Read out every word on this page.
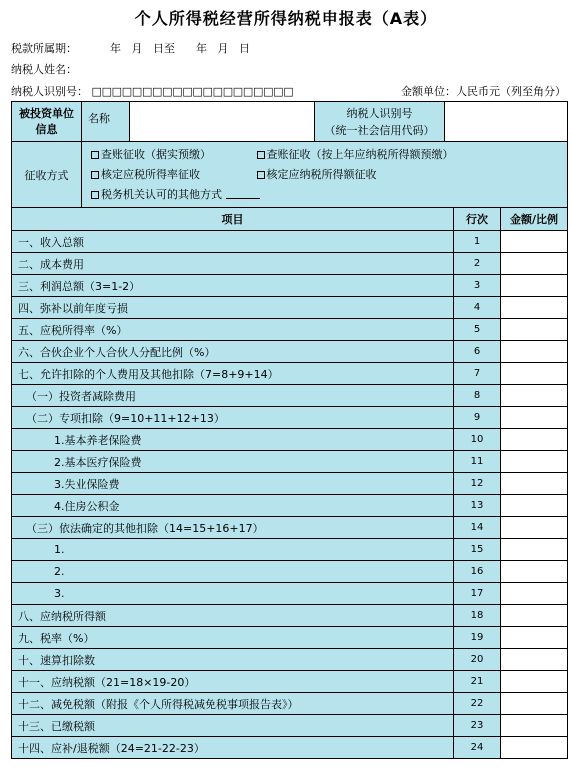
个人所得税经营所得纳税申报表（A表）
税款所属期：	年   月   日至      年   月   日
纳税人姓名：
纳税人识别号： □□□□□□□□□□□□□□□□□□□□	金额单位：人民币元（列至角分）
被投资单位信息
名称 纳税人识别号
（统一社会信用代码）		

征收方式
查账征收（据实预缴） 查账征收（按上年应纳税所得额预缴）
核定应税所得率征收 核定应纳税所得额征收
税务机关认可的其他方式		

项目	行次	金额/比例
一、收入总额	1	
二、成本费用	2	
三、利润总额（3=1-2）	3	
四、弥补以前年度亏损	4	
五、应税所得率（%）	5	
六、合伙企业个人合伙人分配比例（%）	6	
七、允许扣除的个人费用及其他扣除（7=8+9+14）	7	
（一）投资者减除费用	8	
（二）专项扣除（9=10+11+12+13）	9	
1.基本养老保险费	10	
2.基本医疗保险费	11	
3.失业保险费	12	
4.住房公积金	13	
（三）依法确定的其他扣除（14=15+16+17）	14	
1.	15	
2.	16	
3.	17	
八、应纳税所得额	18	
九、税率（%）	19	
十、速算扣除数	20	
十一、应纳税额（21=18×19-20）	21	
十二、减免税额（附报《个人所得税减免税事项报告表》）	22	
十三、已缴税额	23	
十四、应补/退税额（24=21-22-23）	24	
